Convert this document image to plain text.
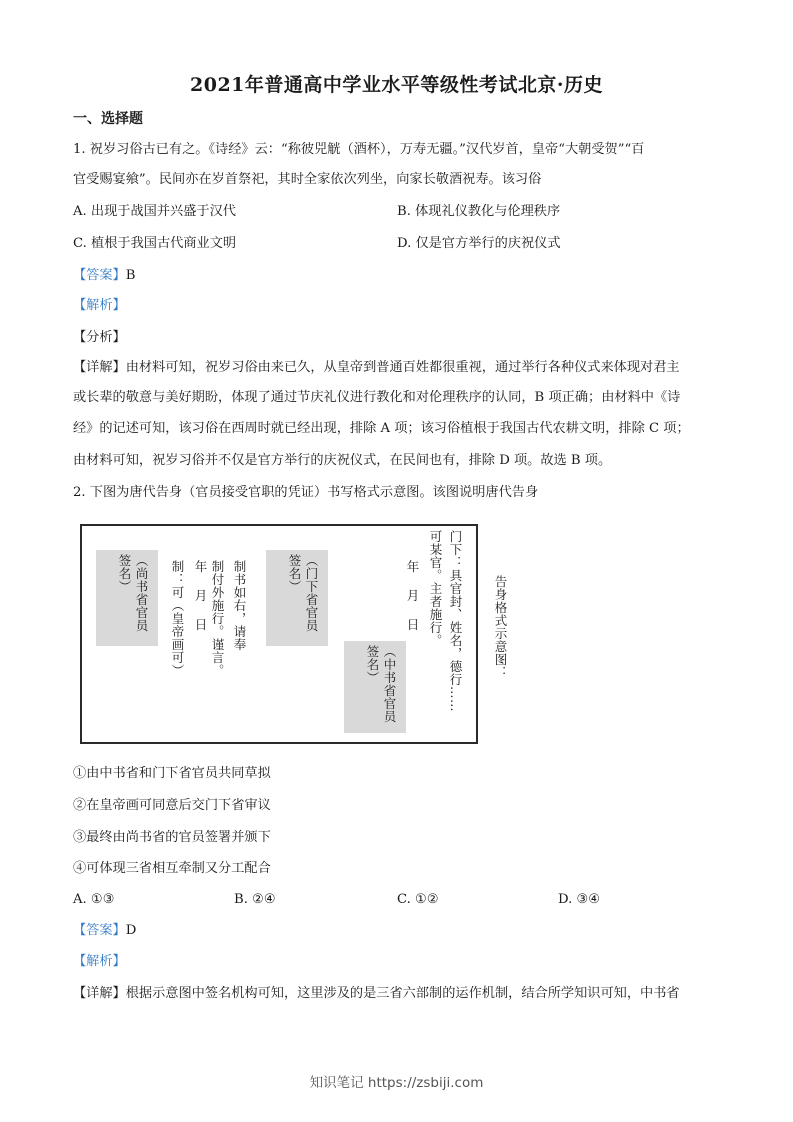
2021年普通高中学业水平等级性考试北京·历史
一、选择题
1. 祝岁习俗古已有之。《诗经》云：“称彼兕觥（酒杯），万寿无疆。”汉代岁首，皇帝“大朝受贺”“百
官受赐宴飨”。民间亦在岁首祭祀，其时全家依次列坐，向家长敬酒祝寿。该习俗
A. 出现于战国并兴盛于汉代	B. 体现礼仪教化与伦理秩序
C. 植根于我国古代商业文明	D. 仅是官方举行的庆祝仪式
【答案】B
【解析】
【分析】
【详解】由材料可知，祝岁习俗由来已久，从皇帝到普通百姓都很重视，通过举行各种仪式来体现对君主
或长辈的敬意与美好期盼，体现了通过节庆礼仪进行教化和对伦理秩序的认同，B 项正确；由材料中《诗
经》的记述可知，该习俗在西周时就已经出现，排除 A 项；该习俗植根于我国古代农耕文明，排除 C 项；
由材料可知，祝岁习俗并不仅是官方举行的庆祝仪式，在民间也有，排除 D 项。故选 B 项。
2. 下图为唐代告身（官员接受官职的凭证）书写格式示意图。该图说明唐代告身
（尚书省官员签名）	制书如右，请奉
制付外施行。谨言。
年　月　日
制：可（皇帝画可）	（门下省官员签名）
（中书省官员签名）
年　月　日 可某官。主者施行。 门下：具官封、姓名，德行…… 告身格式示意图：
①由中书省和门下省官员共同草拟
②在皇帝画可同意后交门下省审议
③最终由尚书省的官员签署并颁下
④可体现三省相互牵制又分工配合
A. ①③	B. ②④	C. ①②	D. ③④
【答案】D
【解析】
【详解】根据示意图中签名机构可知，这里涉及的是三省六部制的运作机制，结合所学知识可知，中书省
知识笔记 https://zsbiji.com
